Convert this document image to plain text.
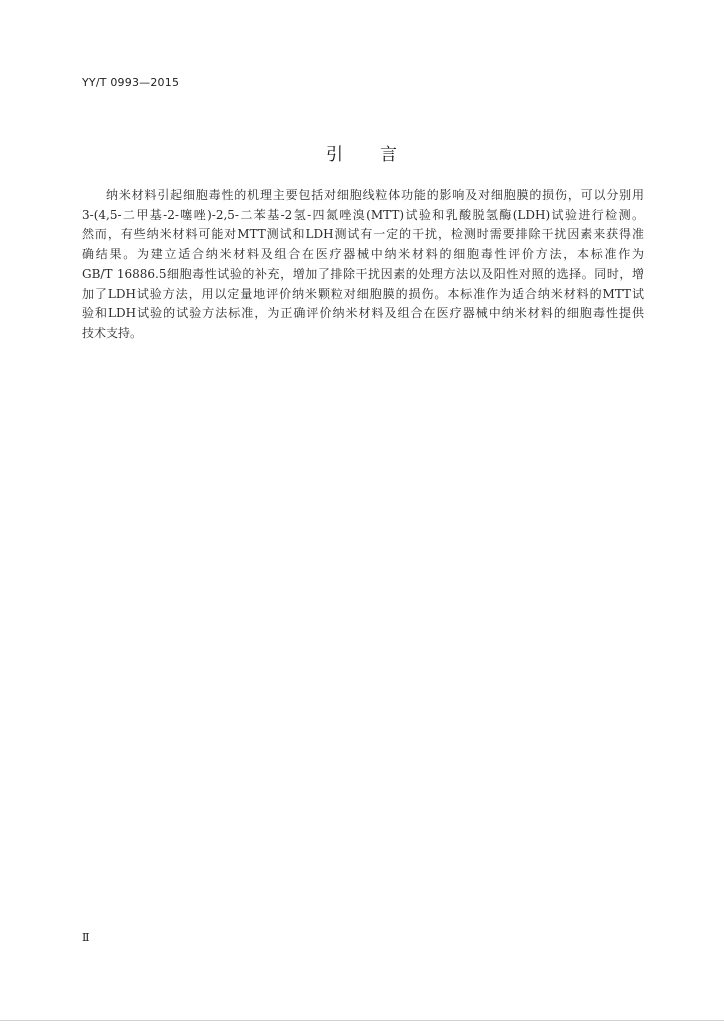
YY/T 0993—2015
引 言
纳米材料引起细胞毒性的机理主要包括对细胞线粒体功能的影响及对细胞膜的损伤，可以分别用
3-(4,5-二甲基-2-噻唑)-2,5-二苯基-2氢-四氮唑溴(MTT)试验和乳酸脱氢酶(LDH)试验进行检测。
然而，有些纳米材料可能对MTT测试和LDH测试有一定的干扰，检测时需要排除干扰因素来获得准
确结果。为建立适合纳米材料及组合在医疗器械中纳米材料的细胞毒性评价方法，本标准作为
GB/T 16886.5细胞毒性试验的补充，增加了排除干扰因素的处理方法以及阳性对照的选择。同时，增
加了LDH试验方法，用以定量地评价纳米颗粒对细胞膜的损伤。本标准作为适合纳米材料的MTT试
验和LDH试验的试验方法标准，为正确评价纳米材料及组合在医疗器械中纳米材料的细胞毒性提供
技术支持。
Ⅱ
